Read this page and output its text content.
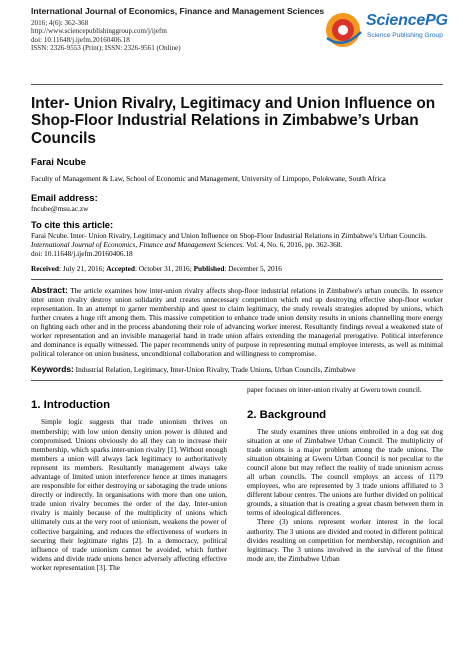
International Journal of Economics, Finance and Management Sciences
2016; 4(6): 362-368
http://www.sciencepublishinggroup.com/j/ijefm
doi: 10.11648/j.ijefm.20160406.18
ISSN: 2326-9553 (Print); ISSN: 2326-9561 (Online)
SciencePG
Science Publishing Group
Inter- Union Rivalry, Legitimacy and Union Influence on Shop-Floor Industrial Relations in Zimbabwe’s Urban Councils
Farai Ncube
Faculty of Management & Law, School of Economic and Management, University of Limpopo, Polokwane, South Africa
Email address:
fncube@msu.ac.zw
To cite this article:
Farai Ncube. Inter- Union Rivalry, Legitimacy and Union Influence on Shop-Floor Industrial Relations in Zimbabwe’s Urban Councils. International Journal of Economics, Finance and Management Sciences. Vol. 4, No. 6, 2016, pp. 362-368.
doi: 10.11648/j.ijefm.20160406.18
Received: July 21, 2016; Accepted: October 31, 2016; Published: December 5, 2016
Abstract: The article examines how inter-union rivalry affects shop-floor industrial relations in Zimbabwe's urban councils. In essence inter union rivalry destroy union solidarity and creates unnecessary competition which end up destroying effective shop-floor worker representation. In an attempt to garner membership and quest to claim legitimacy, the study reveals strategies adopted by unions, which further creates a huge rift among them. This massive competition to enhance trade union density results in unions channelling more energy on fighting each other and in the process abandoning their role of advancing worker interest. Resultantly findings reveal a weakened state of worker representation and an invisible managerial hand in trade union affairs extending the managerial prerogative. Political interference and dominance is equally witnessed. The paper recommends unity of purpose in representing mutual employee interests, as well as minimal political tolerance on union business, unconditional collaboration and willingness to compromise.
Keywords: Industrial Relation, Legitimacy, Inter-Union Rivalry, Trade Unions, Urban Councils, Zimbabwe
1. Introduction

Simple logic suggests that trade unionism thrives on membership; with low union density union power is diluted and compromised. Unions obviously do all they can to increase their membership, which sparks inter-union rivalry [1]. Without enough members a union will always lack legitimacy to authoritatively represent its members. Resultantly management always take advantage of limited union interference hence at times managers are responsible for either destroying or sabotaging the trade unions directly or indirectly. In organisations with more than one union, trade union rivalry becomes the order of the day. Inter-union rivalry is mainly because of the multiplicity of unions which ultimately cuts at the very root of unionism, weakens the power of collective bargaining, and reduces the effectiveness of workers in securing their legitimate rights [2]. In a democracy, political influence of trade unionism cannot be avoided, which further widens and divide trade unions hence adversely affecting effective worker representation [3]. The

paper focuses on inter-union rivalry at Gweru town council.

2. Background

The study examines three unions embroiled in a dog eat dog situation at one of Zimbabwe Urban Council. The multiplicity of trade unions is a major problem among the trade unions. The situation obtaining at Gweru Urban Council is not peculiar to the council alone but may reflect the reality of trade unionism across all urban councils. The council employs an access of 1179 employees, who are represented by 3 trade unions affiliated to 3 different labour centres. The unions are further divided on political grounds, a situation that is creating a great chasm between them in terms of ideological differences.

Three (3) unions represent worker interest in the local authority. The 3 unions are divided and rooted in different political divides resulting on competition for membership, recognition and legitimacy. The 3 unions involved in the survival of the fittest mode are, the Zimbabwe Urban
